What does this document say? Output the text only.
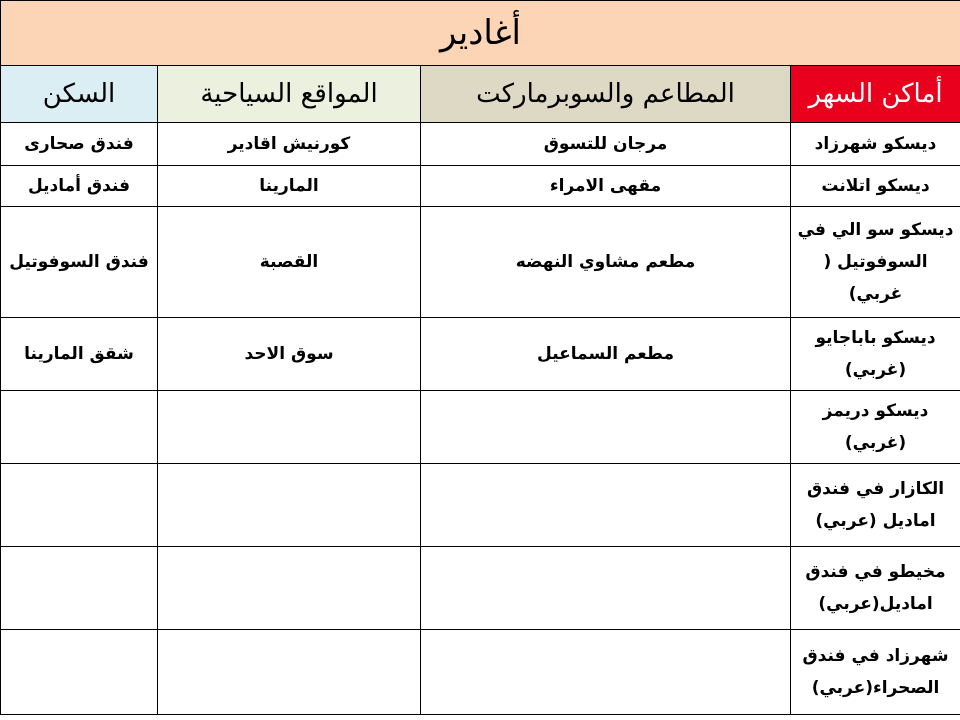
أغادير			
أماكن السهر	المطاعم والسوبرماركت	المواقع السياحية	السكن
ديسكو شهرزاد	مرجان للتسوق	كورنيش اقادير	فندق صحارى
ديسكو اتلانت	مقهى الامراء	المارينا	فندق أماديل
ديسكو سو الي في السوفوتيل ( غربي)	مطعم مشاوي النهضه	القصبة	فندق السوفوتيل
ديسكو باباجايو (غربي)	مطعم السماعيل	سوق الاحد	شقق المارينا
ديسكو دريمز (غربي)			
الكازار في فندق اماديل (عربي)			
مخيطو في فندق اماديل(عربي)			
شهرزاد في فندق الصحراء(عربي)			
